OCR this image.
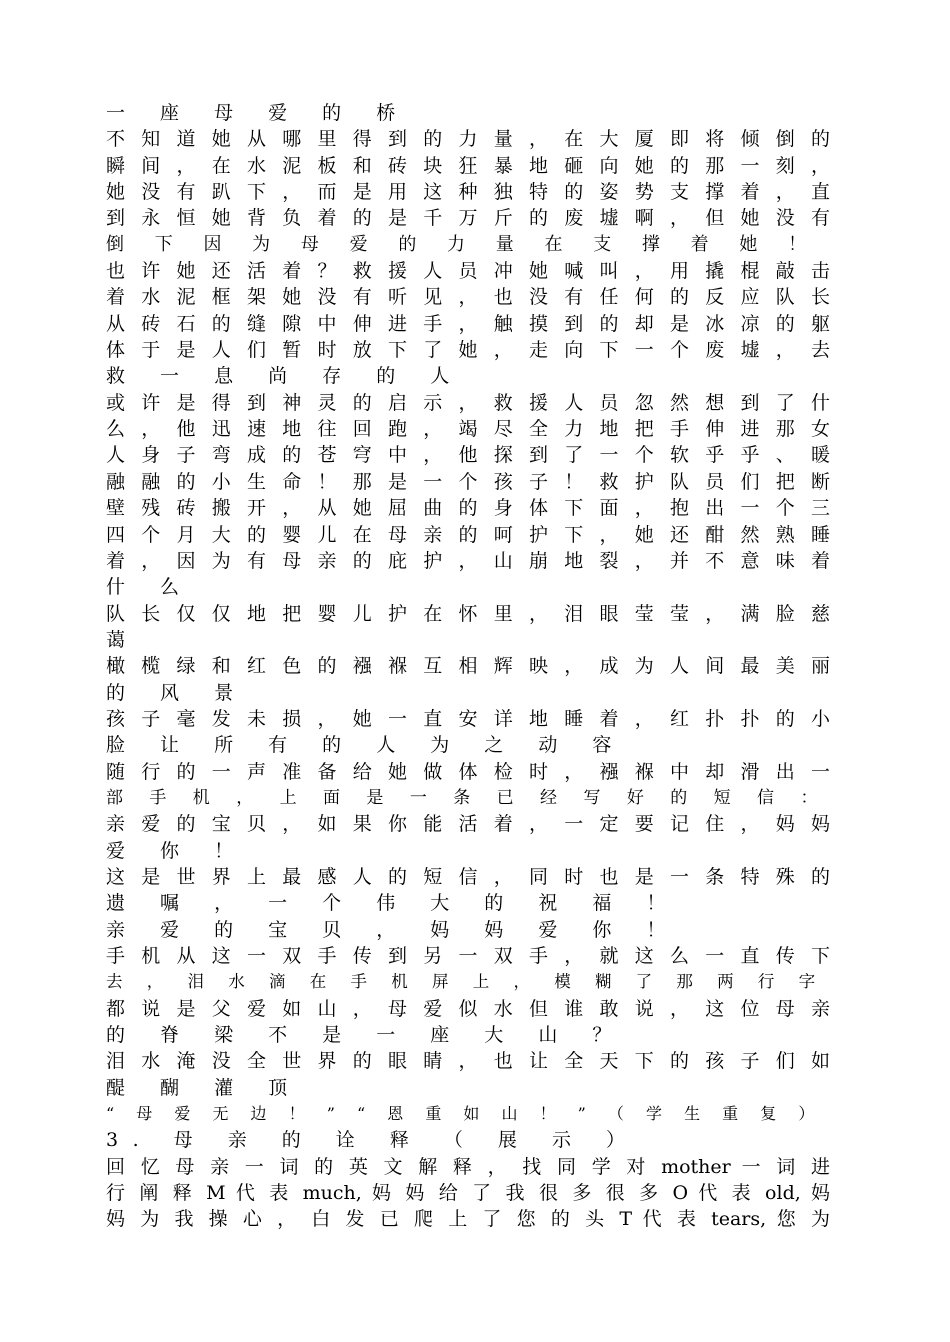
一 座 母 爱 的 桥
不 知 道 她 从 哪 里 得 到 的 力 量 ， 在 大 厦 即 将 倾 倒 的
瞬 间 ， 在 水 泥 板 和 砖 块 狂 暴 地 砸 向 她 的 那 一 刻 ，
她 没 有 趴 下 ， 而 是 用 这 种 独 特 的 姿 势 支 撑 着 ， 直
到 永 恒 她 背 负 着 的 是 千 万 斤 的 废 墟 啊 ， 但 她 没 有
倒 下 因 为 母 爱 的 力 量 在 支 撑 着 她 ！
也 许 她 还 活 着 ？ 救 援 人 员 冲 她 喊 叫 ， 用 撬 棍 敲 击
着 水 泥 框 架 她 没 有 听 见 ， 也 没 有 任 何 的 反 应 队 长
从 砖 石 的 缝 隙 中 伸 进 手 ， 触 摸 到 的 却 是 冰 凉 的 躯
体 于 是 人 们 暂 时 放 下 了 她 ， 走 向 下 一 个 废 墟 ， 去
救 一 息 尚 存 的 人
或 许 是 得 到 神 灵 的 启 示 ， 救 援 人 员 忽 然 想 到 了 什
么 ， 他 迅 速 地 往 回 跑 ， 竭 尽 全 力 地 把 手 伸 进 那 女
人 身 子 弯 成 的 苍 穹 中 ， 他 探 到 了 一 个 软 乎 乎 、 暖
融 融 的 小 生 命 ！ 那 是 一 个 孩 子 ！ 救 护 队 员 们 把 断
壁 残 砖 搬 开 ， 从 她 屈 曲 的 身 体 下 面 ， 抱 出 一 个 三
四 个 月 大 的 婴 儿 在 母 亲 的 呵 护 下 ， 她 还 酣 然 熟 睡
着 ， 因 为 有 母 亲 的 庇 护 ， 山 崩 地 裂 ， 并 不 意 味 着
什 么
队 长 仅 仅 地 把 婴 儿 护 在 怀 里 ， 泪 眼 莹 莹 ， 满 脸 慈
蔼
橄 榄 绿 和 红 色 的 襁 褓 互 相 辉 映 ， 成 为 人 间 最 美 丽
的 风 景
孩 子 毫 发 未 损 ， 她 一 直 安 详 地 睡 着 ， 红 扑 扑 的 小
脸 让 所 有 的 人 为 之 动 容
随 行 的 一 声 准 备 给 她 做 体 检 时 ， 襁 褓 中 却 滑 出 一
部 手 机 ， 上 面 是 一 条 已 经 写 好 的 短 信 ：
亲 爱 的 宝 贝 ， 如 果 你 能 活 着 ， 一 定 要 记 住 ， 妈 妈
爱 你 ！
这 是 世 界 上 最 感 人 的 短 信 ， 同 时 也 是 一 条 特 殊 的
遗 嘱 ， 一 个 伟 大 的 祝 福 ！
亲 爱 的 宝 贝 ， 妈 妈 爱 你 ！
手 机 从 这 一 双 手 传 到 另 一 双 手 ， 就 这 么 一 直 传 下
去 ， 泪 水 滴 在 手 机 屏 上 ， 模 糊 了 那 两 行 字
都 说 是 父 爱 如 山 ， 母 爱 似 水 但 谁 敢 说 ， 这 位 母 亲
的 脊 梁 不 是 一 座 大 山 ？
泪 水 淹 没 全 世 界 的 眼 睛 ， 也 让 全 天 下 的 孩 子 们 如
醍 醐 灌 顶
“ 母 爱 无 边 ！ ” “ 恩 重 如 山 ！ ” （ 学 生 重 复 ）
3. 母 亲 的 诠 释 （ 展 示 ）
回 忆 母 亲 一 词 的 英 文 解 释 ， 找 同 学 对 mother 一 词 进
行 阐 释 M 代 表 much, 妈 妈 给 了 我 很 多 很 多 O 代 表 old, 妈
妈 为 我 操 心 ， 白 发 已 爬 上 了 您 的 头 T 代 表 tears, 您 为
